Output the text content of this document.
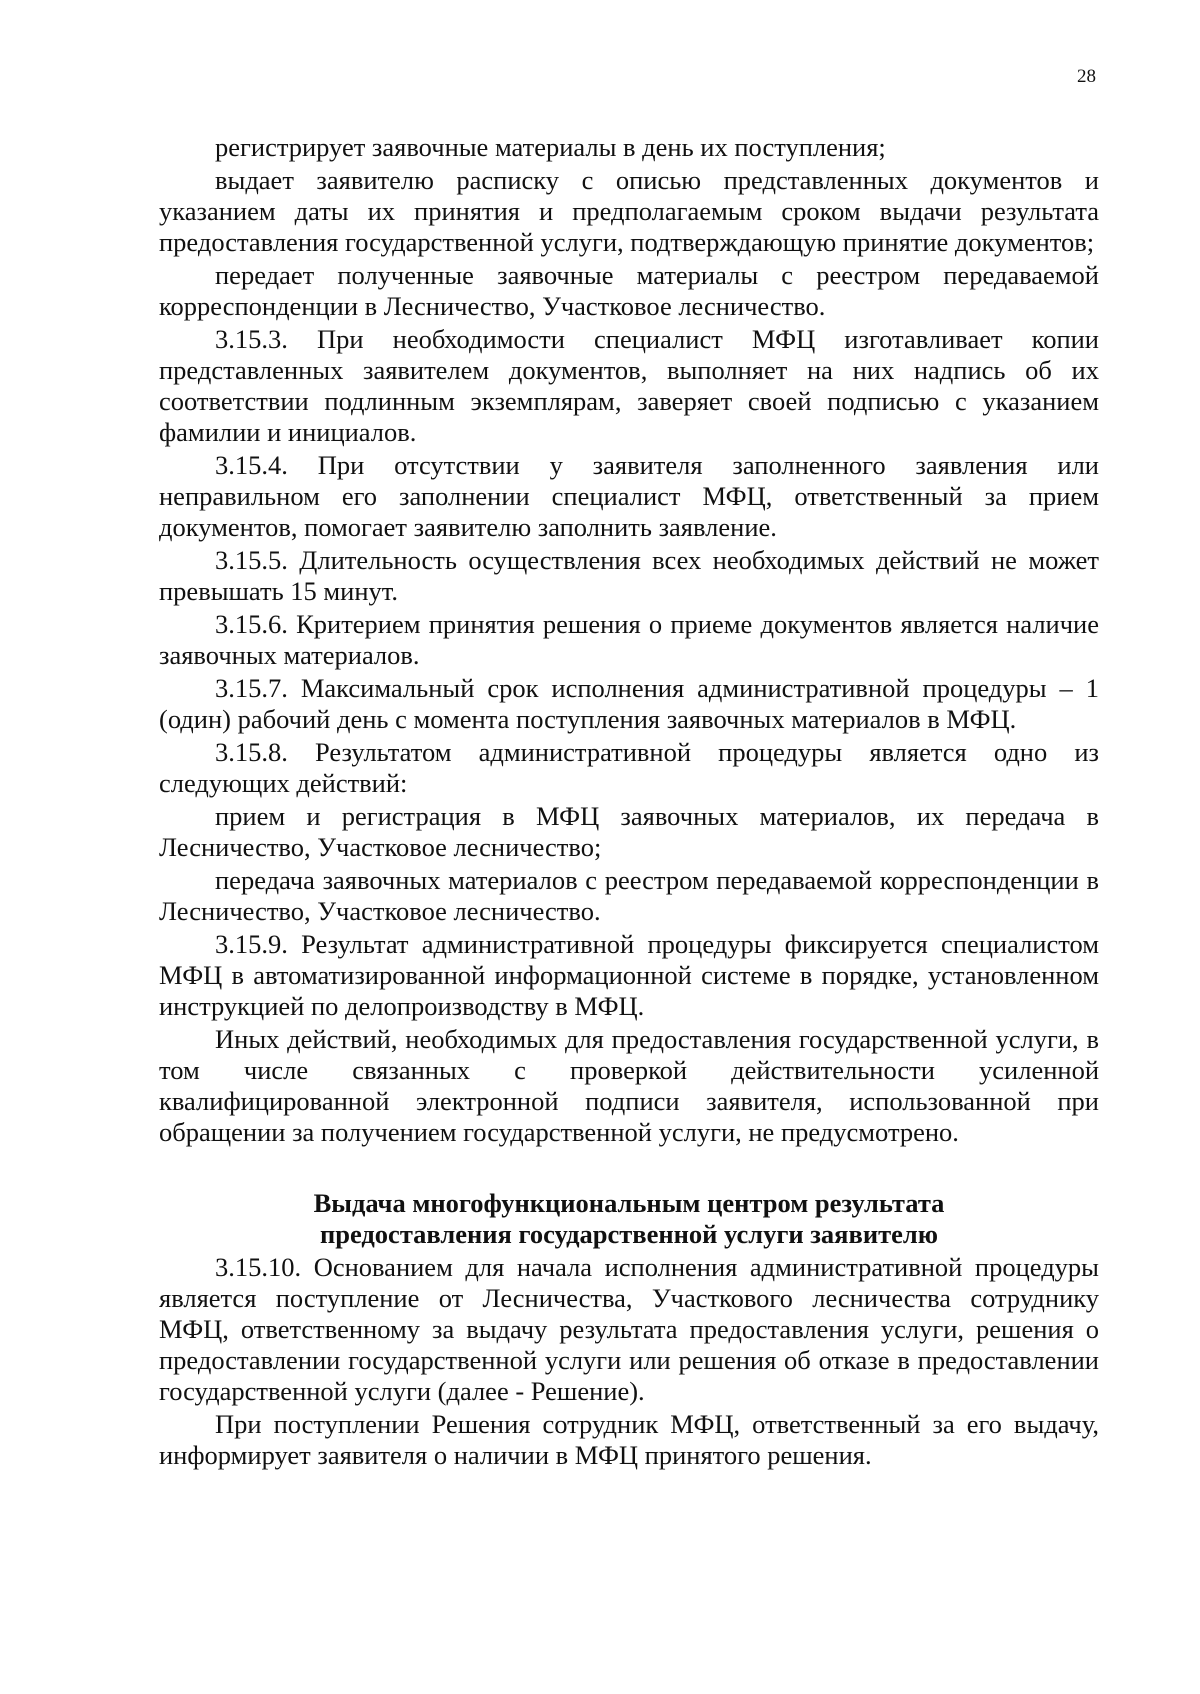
28

регистрирует заявочные материалы в день их поступления;

выдает заявителю расписку с описью представленных документов и указанием даты их принятия и предполагаемым сроком выдачи результата предоставления государственной услуги, подтверждающую принятие документов;

передает полученные заявочные материалы с реестром передаваемой корреспонденции в Лесничество, Участковое лесничество.

3.15.3. При необходимости специалист МФЦ изготавливает копии представленных заявителем документов, выполняет на них надпись об их соответствии подлинным экземплярам, заверяет своей подписью с указанием фамилии и инициалов.

3.15.4. При отсутствии у заявителя заполненного заявления или неправильном его заполнении специалист МФЦ, ответственный за прием документов, помогает заявителю заполнить заявление.

3.15.5. Длительность осуществления всех необходимых действий не может превышать 15 минут.

3.15.6. Критерием принятия решения о приеме документов является наличие заявочных материалов.

3.15.7. Максимальный срок исполнения административной процедуры – 1 (один) рабочий день с момента поступления заявочных материалов в МФЦ.

3.15.8. Результатом административной процедуры является одно из следующих действий:

прием и регистрация в МФЦ заявочных материалов, их передача в Лесничество, Участковое лесничество;

передача заявочных материалов с реестром передаваемой корреспонденции в Лесничество, Участковое лесничество.

3.15.9. Результат административной процедуры фиксируется специалистом МФЦ в автоматизированной информационной системе в порядке, установленном инструкцией по делопроизводству в МФЦ.

Иных действий, необходимых для предоставления государственной услуги, в том числе связанных с проверкой действительности усиленной квалифицированной электронной подписи заявителя, использованной при обращении за получением государственной услуги, не предусмотрено.

Выдача многофункциональным центром результата
предоставления государственной услуги заявителю

3.15.10. Основанием для начала исполнения административной процедуры является поступление от Лесничества, Участкового лесничества сотруднику МФЦ, ответственному за выдачу результата предоставления услуги, решения о предоставлении государственной услуги или решения об отказе в предоставлении государственной услуги (далее - Решение).

При поступлении Решения сотрудник МФЦ, ответственный за его выдачу, информирует заявителя о наличии в МФЦ принятого решения.
